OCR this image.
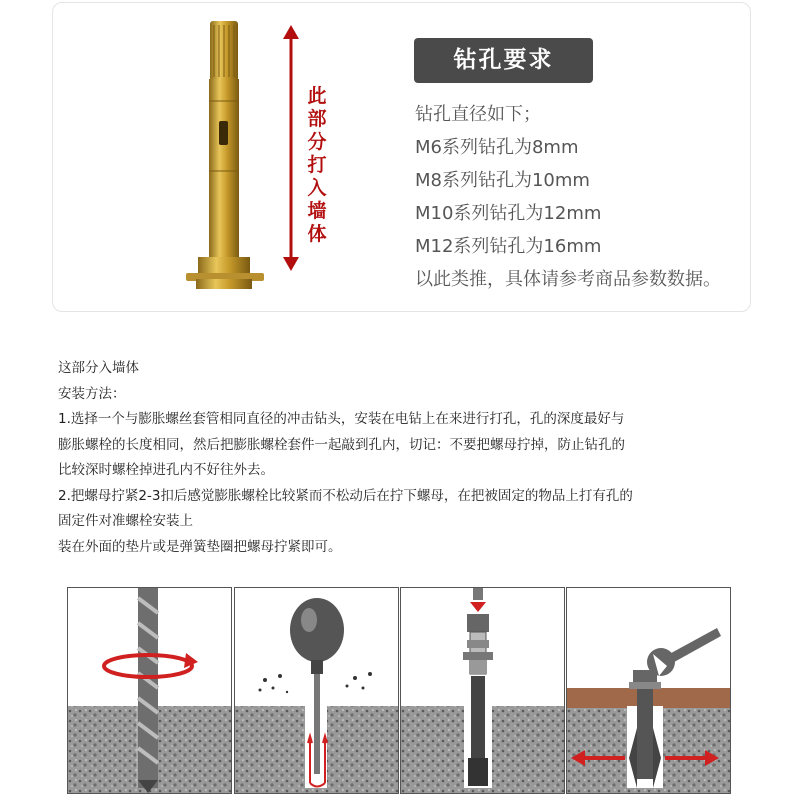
此部分打入墙体
钻孔要求
钻孔直径如下；
M6系列钻孔为8mm
M8系列钻孔为10mm
M10系列钻孔为12mm
M12系列钻孔为16mm
以此类推，具体请参考商品参数数据。
这部分入墙体
安装方法：
1.选择一个与膨胀螺丝套管相同直径的冲击钻头，安装在电钻上在来进行打孔，孔的深度最好与
膨胀螺栓的长度相同，然后把膨胀螺栓套件一起敲到孔内，切记：不要把螺母拧掉，防止钻孔的
比较深时螺栓掉进孔内不好往外去。
2.把螺母拧紧2-3扣后感觉膨胀螺栓比较紧而不松动后在拧下螺母，在把被固定的物品上打有孔的
固定件对准螺栓安装上
装在外面的垫片或是弹簧垫圈把螺母拧紧即可。
